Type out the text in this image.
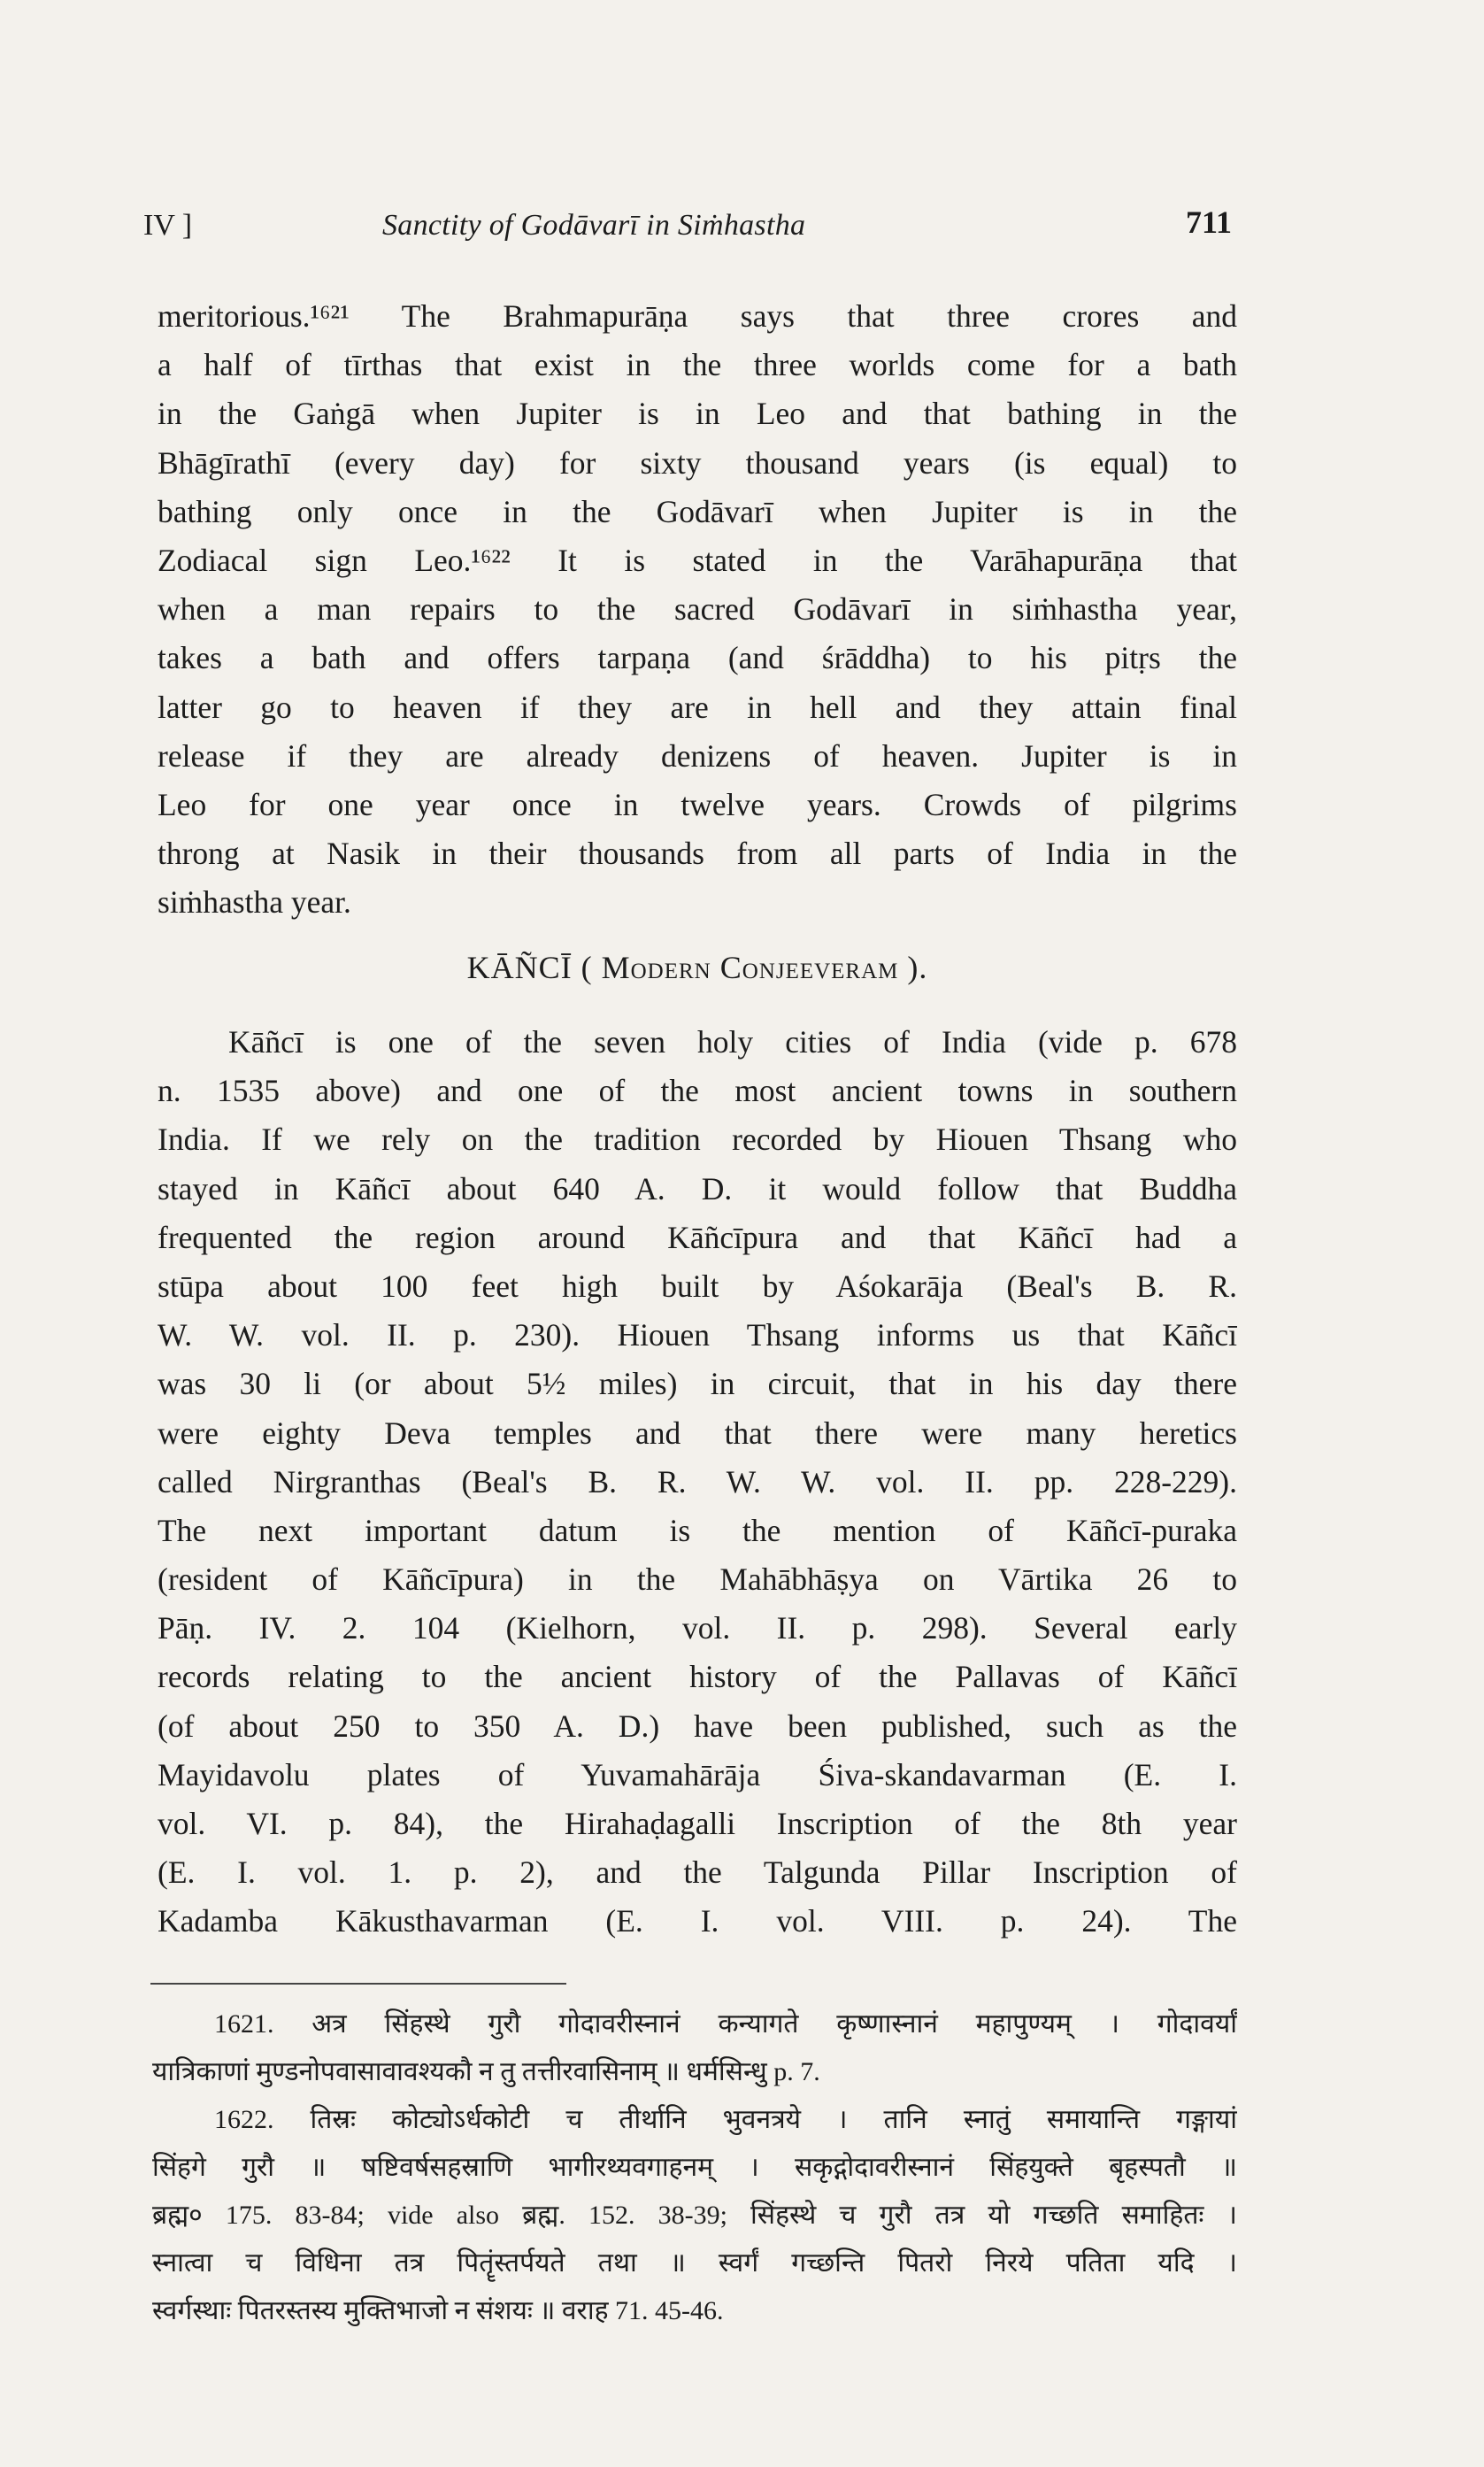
IV ]	Sanctity of Godāvarī in Siṁhastha	711
meritorious.¹⁶²¹ The Brahmapurāṇa says that three crores and
a half of tīrthas that exist in the three worlds come for a bath
in the Gaṅgā when Jupiter is in Leo and that bathing in the
Bhāgīrathī (every day) for sixty thousand years (is equal) to
bathing only once in the Godāvarī when Jupiter is in the
Zodiacal sign Leo.¹⁶²² It is stated in the Varāhapurāṇa that
when a man repairs to the sacred Godāvarī in siṁhastha year,
takes a bath and offers tarpaṇa (and śrāddha) to his pitṛs the
latter go to heaven if they are in hell and they attain final
release if they are already denizens of heaven. Jupiter is in
Leo for one year once in twelve years. Crowds of pilgrims
throng at Nasik in their thousands from all parts of India in the
siṁhastha year.
KĀÑCĪ ( Modern Conjeeveram ).
Kāñcī is one of the seven holy cities of India (vide p. 678
n. 1535 above) and one of the most ancient towns in southern
India. If we rely on the tradition recorded by Hiouen Thsang who
stayed in Kāñcī about 640 A. D. it would follow that Buddha
frequented the region around Kāñcīpura and that Kāñcī had a
stūpa about 100 feet high built by Aśokarāja (Beal's B. R.
W. W. vol. II. p. 230). Hiouen Thsang informs us that Kāñcī
was 30 li (or about 5½ miles) in circuit, that in his day there
were eighty Deva temples and that there were many heretics
called Nirgranthas (Beal's B. R. W. W. vol. II. pp. 228-229).
The next important datum is the mention of Kāñcī-puraka
(resident of Kāñcīpura) in the Mahābhāṣya on Vārtika 26 to
Pāṇ. IV. 2. 104 (Kielhorn, vol. II. p. 298). Several early
records relating to the ancient history of the Pallavas of Kāñcī
(of about 250 to 350 A. D.) have been published, such as the
Mayidavolu plates of Yuvamahārāja Śiva-skandavarman (E. I.
vol. VI. p. 84), the Hirahaḍagalli Inscription of the 8th year
(E. I. vol. 1. p. 2), and the Talgunda Pillar Inscription of
Kadamba Kākusthavarman (E. I. vol. VIII. p. 24). The
1621. अत्र सिंहस्थे गुरौ गोदावरीस्नानं कन्यागते कृष्णास्नानं महापुण्यम् । गोदावर्यां
यात्रिकाणां मुण्डनोपवासावावश्यकौ न तु तत्तीरवासिनाम् ॥ धर्मसिन्धु p. 7.
1622. तिस्रः कोट्योऽर्धकोटी च तीर्थानि भुवनत्रये । तानि स्नातुं समायान्ति गङ्गायां
सिंहगे गुरौ ॥ षष्टिवर्षसहस्राणि भागीरथ्यवगाहनम् । सकृद्गोदावरीस्नानं सिंहयुक्ते बृहस्पतौ ॥
ब्रह्म० 175. 83-84; vide also ब्रह्म. 152. 38-39; सिंहस्थे च गुरौ तत्र यो गच्छति समाहितः ।
स्नात्वा च विधिना तत्र पितॄंस्तर्पयते तथा ॥ स्वर्गं गच्छन्ति पितरो निरये पतिता यदि ।
स्वर्गस्थाः पितरस्तस्य मुक्तिभाजो न संशयः ॥ वराह 71. 45-46.
